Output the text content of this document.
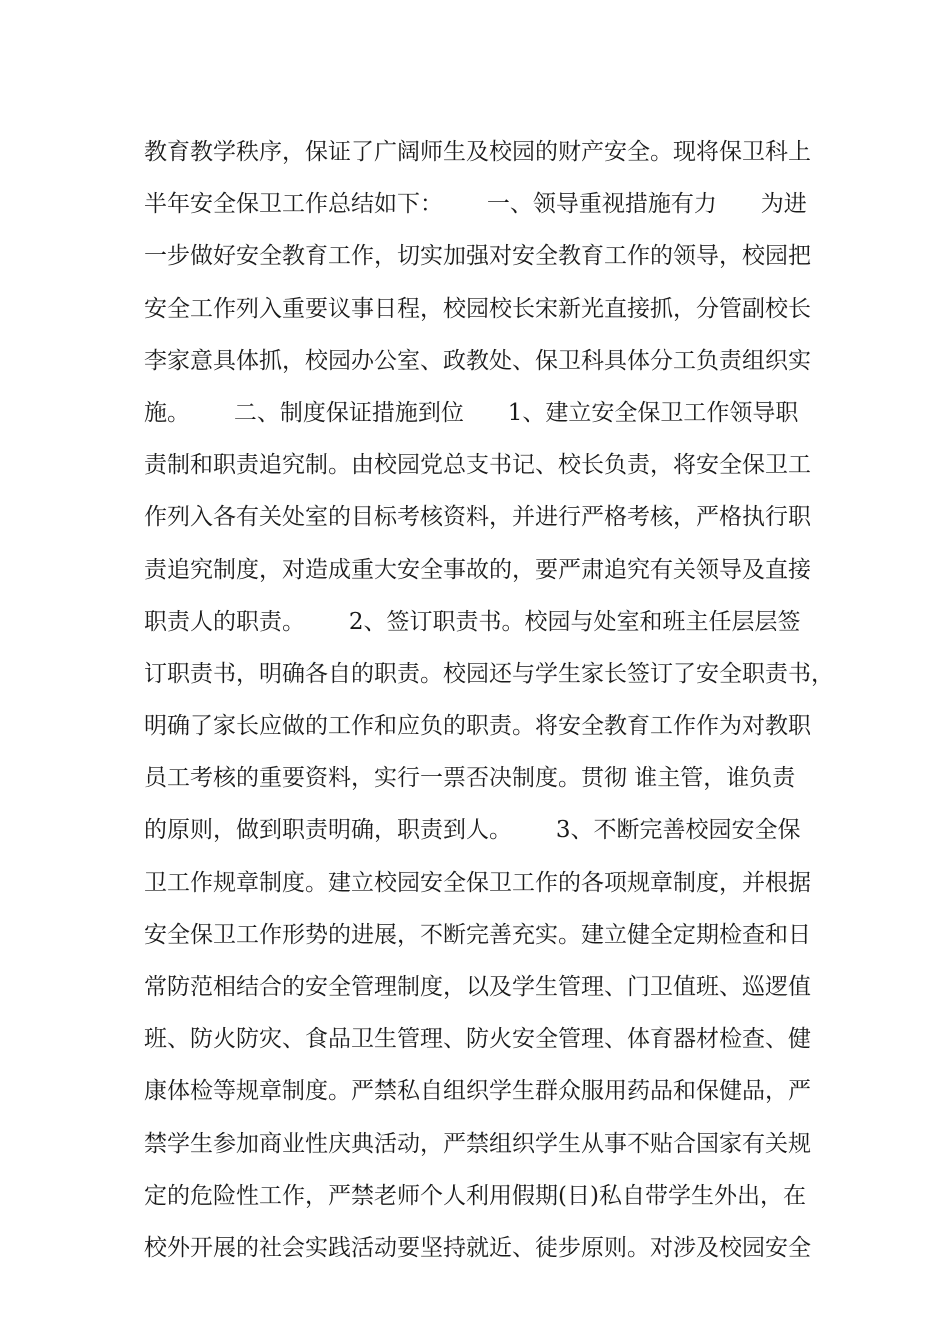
教育教学秩序，保证了广阔师生及校园的财产安全。现将保卫科上
半年安全保卫工作总结如下：      一、领导重视措施有力      为进
一步做好安全教育工作，切实加强对安全教育工作的领导，校园把
安全工作列入重要议事日程，校园校长宋新光直接抓，分管副校长
李家意具体抓，校园办公室、政教处、保卫科具体分工负责组织实
施。      二、制度保证措施到位      1、建立安全保卫工作领导职
责制和职责追究制。由校园党总支书记、校长负责，将安全保卫工
作列入各有关处室的目标考核资料，并进行严格考核，严格执行职
责追究制度，对造成重大安全事故的，要严肃追究有关领导及直接
职责人的职责。      2、签订职责书。校园与处室和班主任层层签
订职责书，明确各自的职责。校园还与学生家长签订了安全职责书，
明确了家长应做的工作和应负的职责。将安全教育工作作为对教职
员工考核的重要资料，实行一票否决制度。贯彻 谁主管，谁负责
的原则，做到职责明确，职责到人。      3、不断完善校园安全保
卫工作规章制度。建立校园安全保卫工作的各项规章制度，并根据
安全保卫工作形势的进展，不断完善充实。建立健全定期检查和日
常防范相结合的安全管理制度，以及学生管理、门卫值班、巡逻值
班、防火防灾、食品卫生管理、防火安全管理、体育器材检查、健
康体检等规章制度。严禁私自组织学生群众服用药品和保健品，严
禁学生参加商业性庆典活动，严禁组织学生从事不贴合国家有关规
定的危险性工作，严禁老师个人利用假期(日)私自带学生外出，在
校外开展的社会实践活动要坚持就近、徒步原则。对涉及校园安全
